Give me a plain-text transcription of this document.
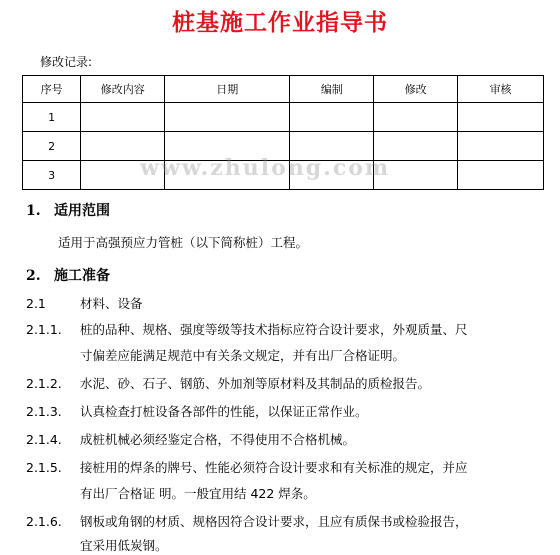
桩基施工作业指导书
修改记录:
序号	修改内容	日期	编制	修改	审核
1					
2					
3						www.zhulong.com
1. 适用范围
适用于高强预应力管桩（以下简称桩）工程。
2. 施工准备
2.1	材料、设备
2.1.1. 桩的品种、规格、强度等级等技术指标应符合设计要求，外观质量、尺
寸偏差应能满足规范中有关条文规定，并有出厂合格证明。
2.1.2. 水泥、砂、石子、钢筋、外加剂等原材料及其制品的质检报告。
2.1.3. 认真检查打桩设备各部件的性能，以保证正常作业。
2.1.4. 成桩机械必须经鉴定合格，不得使用不合格机械。
2.1.5. 接桩用的焊条的牌号、性能必须符合设计要求和有关标准的规定，并应
有出厂合格证 明。一般宜用结 422 焊条。
2.1.6. 钢板或角钢的材质、规格因符合设计要求，且应有质保书或检验报告，
宜采用低炭钢。
